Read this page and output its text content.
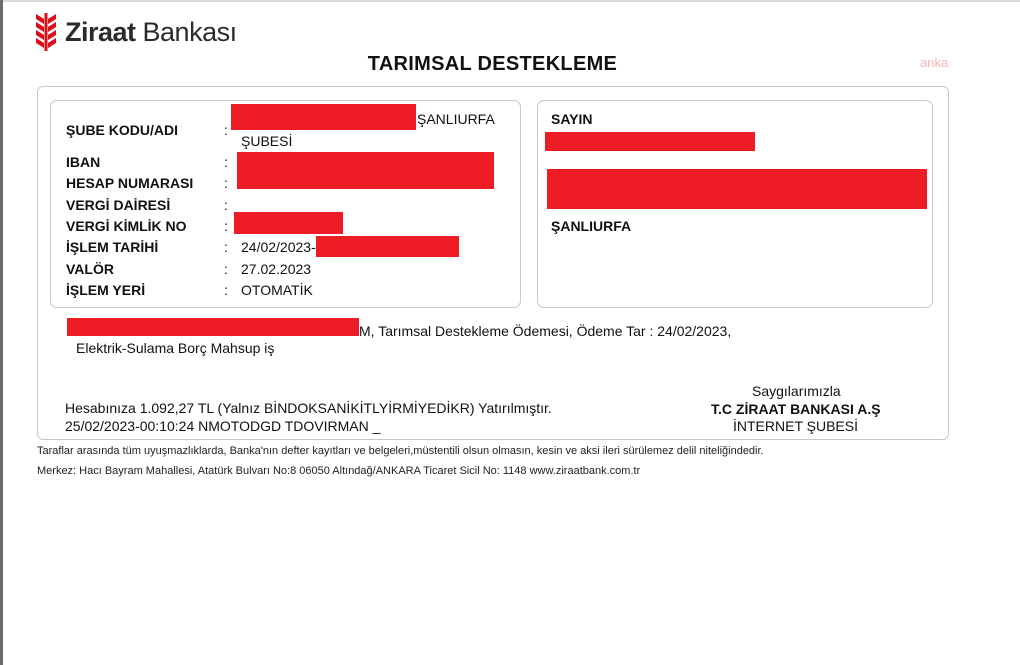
Ziraat Bankası
TARIMSAL DESTEKLEME	anka
ŞUBE KODU/ADI
IBAN
HESAP NUMARASI
VERGİ DAİRESİ
VERGİ KİMLİK NO
İŞLEM TARİHİ
VALÖR
İŞLEM YERİ
:
:
:
:
:
:
:
:
ŞANLIURFA
ŞUBESİ
24/02/2023-
27.02.2023
OTOMATİK
SAYIN
ŞANLIURFA
M, Tarımsal Destekleme Ödemesi, Ödeme Tar : 24/02/2023,
Elektrik-Sulama Borç Mahsup iş
Hesabınıza 1.092,27 TL (Yalnız BİNDOKSANİKİTLYİRMİYEDİKR) Yatırılmıştır.
25/02/2023-00:10:24 NMOTODGD TDOVIRMAN _
Saygılarımızla
T.C ZİRAAT BANKASI A.Ş
İNTERNET ŞUBESİ
Taraflar arasında tüm uyuşmazlıklarda, Banka'nın defter kayıtları ve belgeleri,müstentili olsun olmasın, kesin ve aksi ileri sürülemez delil niteliğindedir.
Merkez: Hacı Bayram Mahallesi, Atatürk Bulvarı No:8 06050 Altındağ/ANKARA Ticaret Sicil No: 1148 www.ziraatbank.com.tr
